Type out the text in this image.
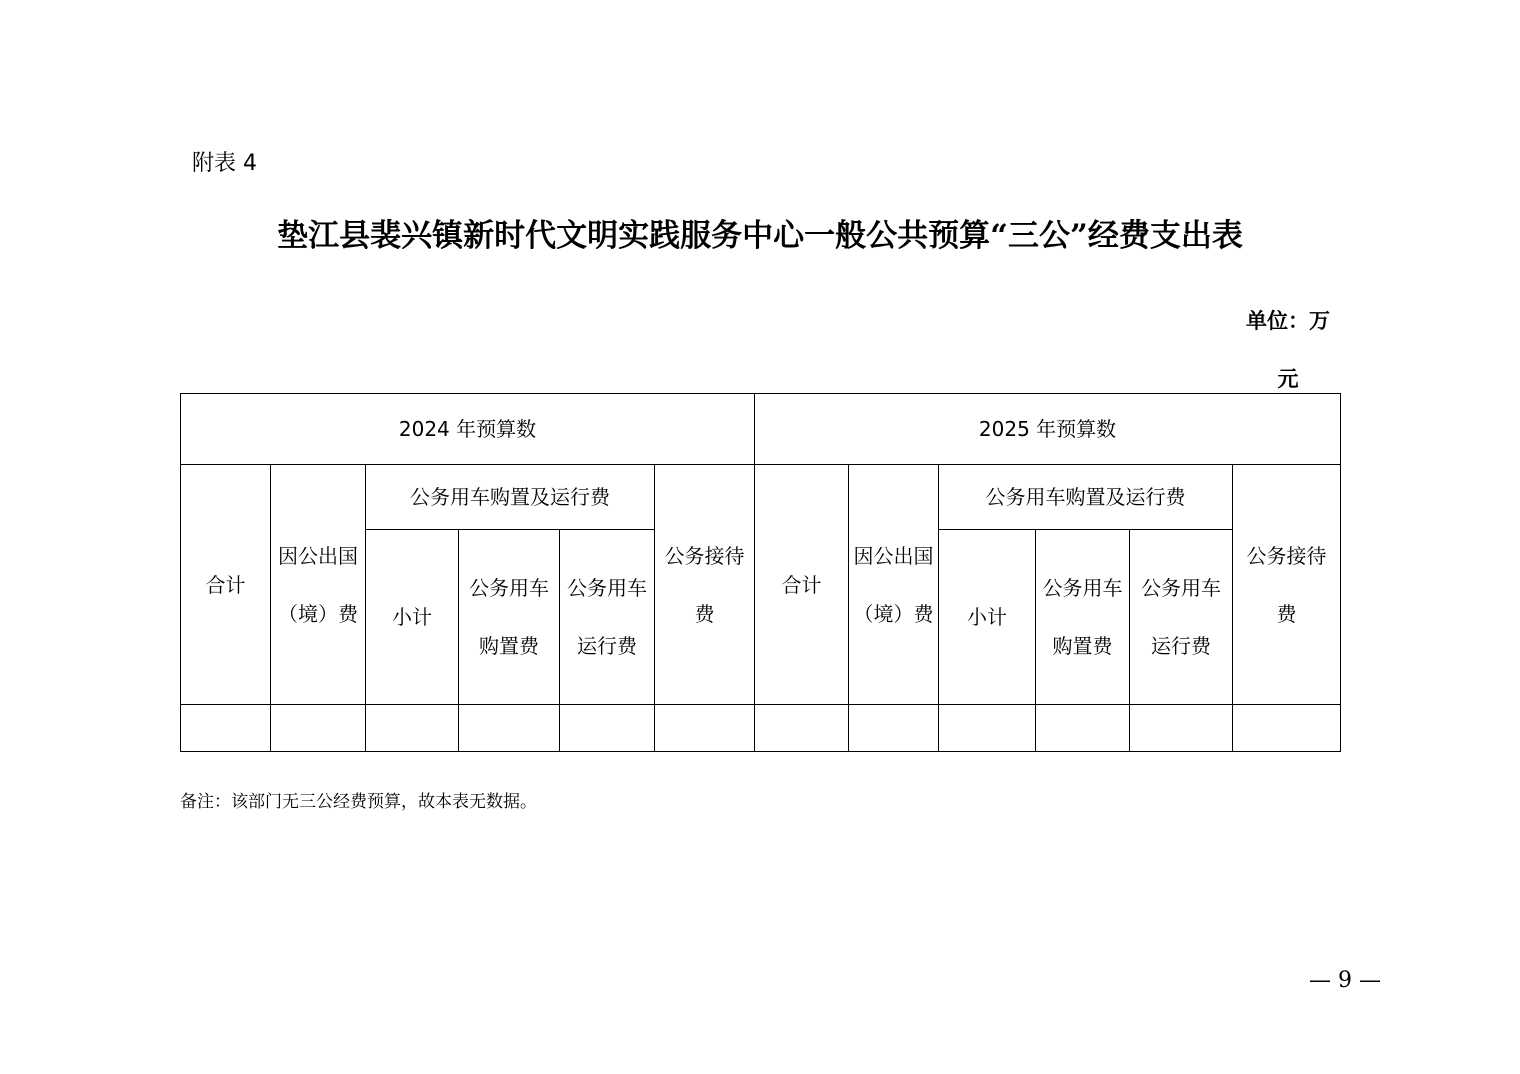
附表 4
垫江县裴兴镇新时代文明实践服务中心一般公共预算“三公”经费支出表
单位：万元
2024 年预算数						2025 年预算数					
合计	因公出国（境）费	公务用车购置及运行费			公务接待费	合计	因公出国（境）费	公务用车购置及运行费			公务接待费
		小计	公务用车购置费	公务用车运行费				小计	公务用车购置费	公务用车运行费	

备注：该部门无三公经费预算，故本表无数据。
— 9 —
